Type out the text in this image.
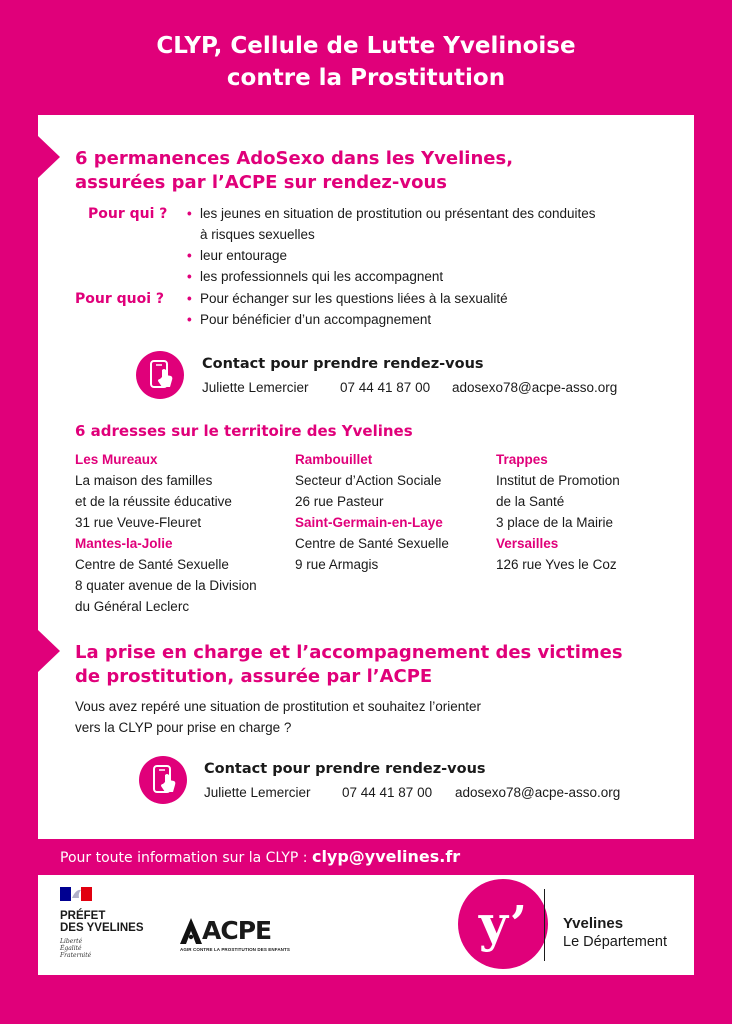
CLYP, Cellule de Lutte Yvelinoise
contre la Prostitution
6 permanences AdoSexo dans les Yvelines,
assurées par l’ACPE sur rendez-vous
Pour qui ?	• les jeunes en situation de prostitution ou présentant des conduites
à risques sexuelles
• leur entourage
• les professionnels qui les accompagnent
Pour quoi ?	• Pour échanger sur les questions liées à la sexualité
• Pour bénéficier d’un accompagnement
Contact pour prendre rendez-vous
Juliette Lemercier 07 44 41 87 00 adosexo78@acpe-asso.org
6 adresses sur le territoire des Yvelines
Les Mureaux
La maison des familles
et de la réussite éducative
31 rue Veuve-Fleuret
Mantes-la-Jolie
Centre de Santé Sexuelle
8 quater avenue de la Division
du Général Leclerc
Rambouillet
Secteur d’Action Sociale
26 rue Pasteur
Saint-Germain-en-Laye
Centre de Santé Sexuelle
9 rue Armagis
Trappes
Institut de Promotion
de la Santé
3 place de la Mairie
Versailles
126 rue Yves le Coz
La prise en charge et l’accompagnement des victimes
de prostitution, assurée par l’ACPE
Vous avez repéré une situation de prostitution et souhaitez l’orienter
vers la CLYP pour prise en charge ?
Contact pour prendre rendez-vous
Juliette Lemercier 07 44 41 87 00 adosexo78@acpe-asso.org
Pour toute information sur la CLYP : clyp@yvelines.fr
PRÉFET
DES YVELINES
Liberté
Égalité
Fraternité
ACPE
AGIR CONTRE LA PROSTITUTION DES ENFANTS	y’ Yvelines
Le Département
